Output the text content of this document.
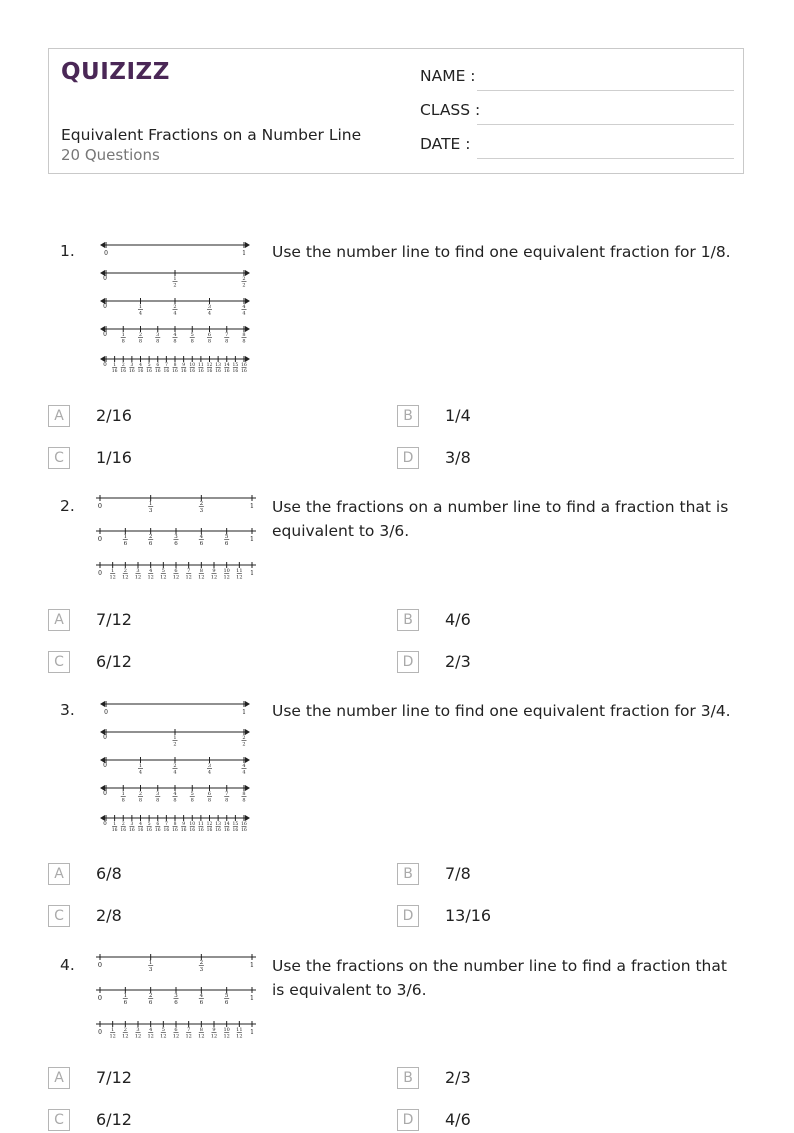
QUIZIZZ
Equivalent Fractions on a Number Line
20 Questions
NAME :
CLASS :
DATE :
1.	0	1
0	1
2
2
2
0	1
4
2
4
3
4
4
4
0	1
8
2
8
3
8
4
8
5
8
6
8
7
8
8
8
0 1
16
2
16
3
16
4
16
5
16
6
16
7
16
8
16
9
16
10
16
11
16
12
16
13
16
14
16
15
16
16
16
Use the number line to find one equivalent fraction for 1/8.
A	2/16	B	1/4
C	1/16	D	3/8
2.	0	1
3
2
3
1
0	1
6
2
6
3
6
4
6
5
6
1
0 1
12
2
12
3
12
4
12
5
12
6
12
7
12
8
12
9
12
10
12
11
12
1
Use the fractions on a number line to find a fraction that is equivalent to 3/6.
A	7/12	B	4/6
C	6/12	D	2/3
3.	0	1
0	1
2
2
2
0	1
4
2
4
3
4
4
4
0	1
8
2
8
3
8
4
8
5
8
6
8
7
8
8
8
0 1
16
2
16
3
16
4
16
5
16
6
16
7
16
8
16
9
16
10
16
11
16
12
16
13
16
14
16
15
16
16
16
Use the number line to find one equivalent fraction for 3/4.
A	6/8	B	7/8
C	2/8	D	13/16
4.	0	1
3
2
3
1
0	1
6
2
6
3
6
4
6
5
6
1
0 1
12
2
12
3
12
4
12
5
12
6
12
7
12
8
12
9
12
10
12
11
12
1
Use the fractions on the number line to find a fraction that is equivalent to 3/6.
A	7/12	B	2/3
C	6/12	D	4/6
